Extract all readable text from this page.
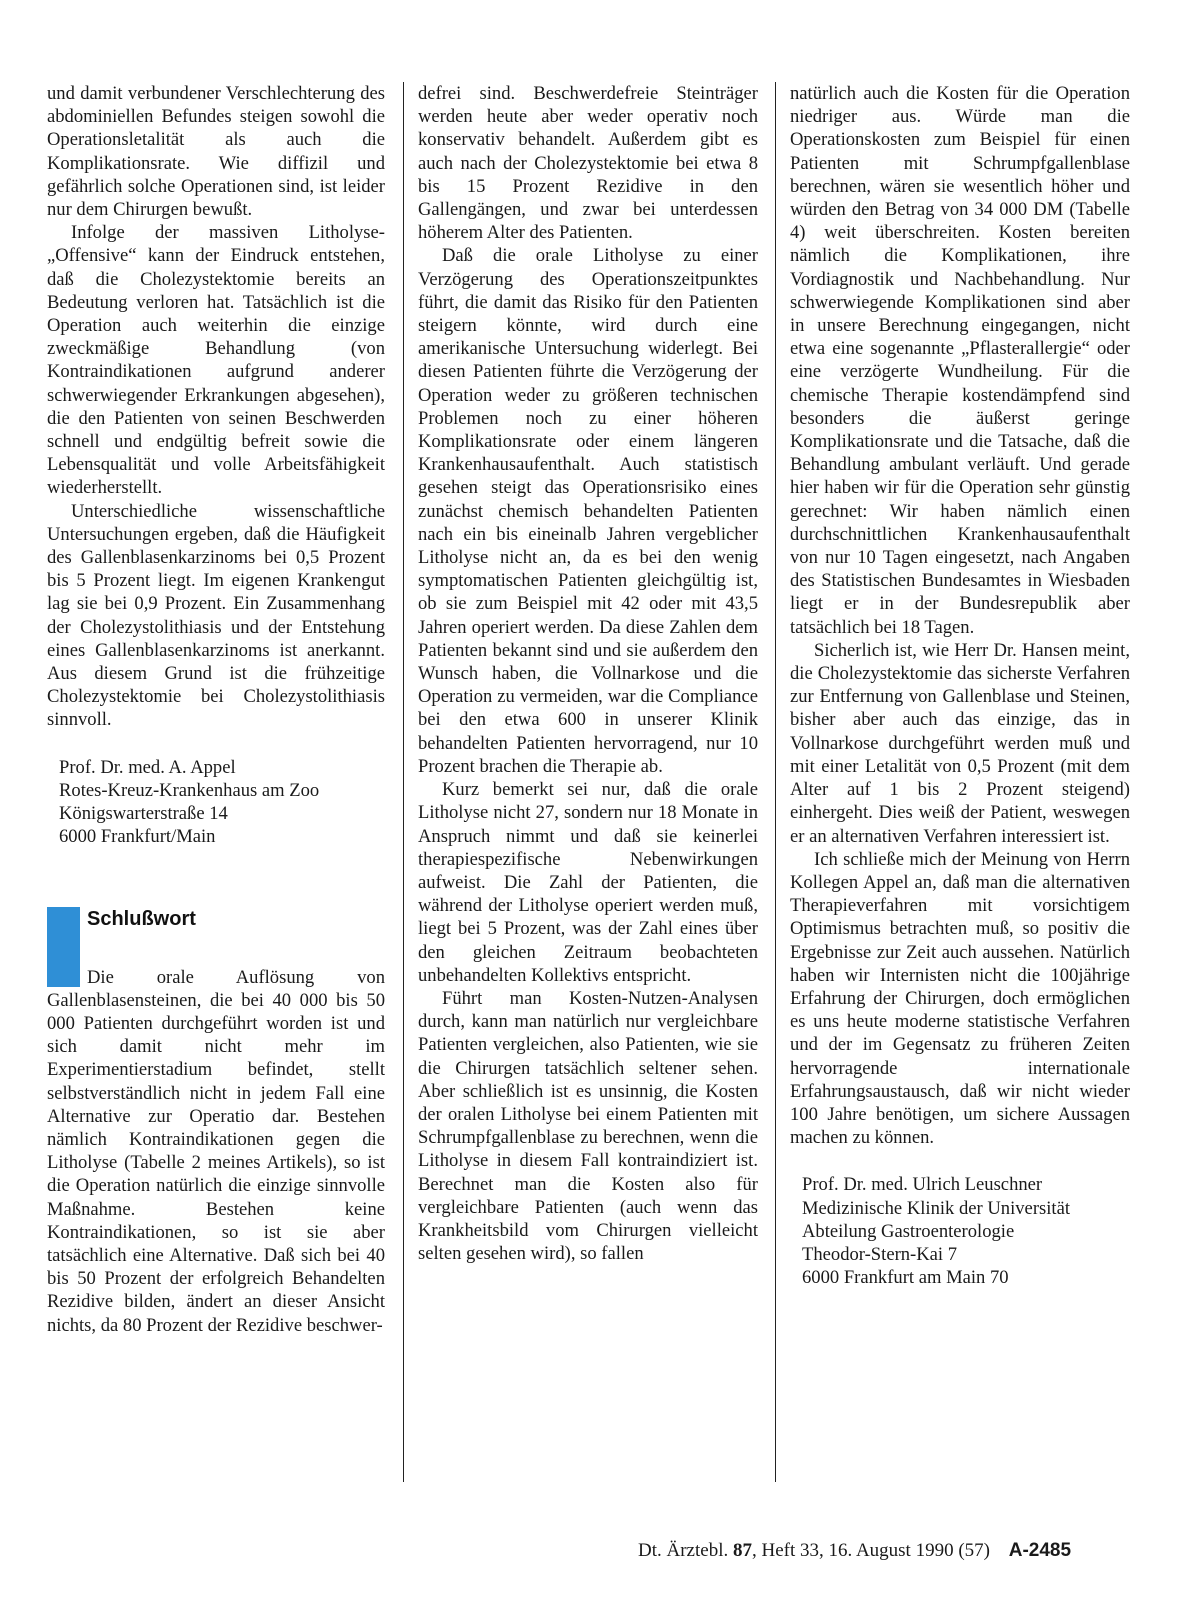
und damit verbundener Verschlechterung des abdominiellen Befundes steigen sowohl die Operationsletalität als auch die Komplikationsrate. Wie diffizil und gefährlich solche Operationen sind, ist leider nur dem Chirurgen bewußt.

Infolge der massiven Litholyse-„Offensive“ kann der Eindruck entstehen, daß die Cholezystektomie bereits an Bedeutung verloren hat. Tatsächlich ist die Operation auch weiterhin die einzige zweckmäßige Behandlung (von Kontraindikationen aufgrund anderer schwerwiegender Erkrankungen abgesehen), die den Patienten von seinen Beschwerden schnell und endgültig befreit sowie die Lebensqualität und volle Arbeitsfähigkeit wiederherstellt.

Unterschiedliche wissenschaftliche Untersuchungen ergeben, daß die Häufigkeit des Gallenblasenkarzinoms bei 0,5 Prozent bis 5 Prozent liegt. Im eigenen Krankengut lag sie bei 0,9 Prozent. Ein Zusammenhang der Cholezystolithiasis und der Entstehung eines Gallenblasenkarzinoms ist anerkannt. Aus diesem Grund ist die frühzeitige Cholezystektomie bei Cholezystolithiasis sinnvoll.

Prof. Dr. med. A. Appel
Rotes-Kreuz-Krankenhaus am Zoo
Königswarterstraße 14
6000 Frankfurt/Main
Schlußwort

Die orale Auflösung von Gallenblasensteinen, die bei 40 000 bis 50 000 Patienten durchgeführt worden ist und sich damit nicht mehr im Experimentierstadium befindet, stellt selbstverständlich nicht in jedem Fall eine Alternative zur Operatio dar. Bestehen nämlich Kontraindikationen gegen die Litholyse (Tabelle 2 meines Artikels), so ist die Operation natürlich die einzige sinnvolle Maßnahme. Bestehen keine Kontraindikationen, so ist sie aber tatsächlich eine Alternative. Daß sich bei 40 bis 50 Prozent der erfolgreich Behandelten Rezidive bilden, ändert an dieser Ansicht nichts, da 80 Prozent der Rezidive beschwer-

defrei sind. Beschwerdefreie Steinträger werden heute aber weder operativ noch konservativ behandelt. Außerdem gibt es auch nach der Cholezystektomie bei etwa 8 bis 15 Prozent Rezidive in den Gallengängen, und zwar bei unterdessen höherem Alter des Patienten.

Daß die orale Litholyse zu einer Verzögerung des Operationszeitpunktes führt, die damit das Risiko für den Patienten steigern könnte, wird durch eine amerikanische Untersuchung widerlegt. Bei diesen Patienten führte die Verzögerung der Operation weder zu größeren technischen Problemen noch zu einer höheren Komplikationsrate oder einem längeren Krankenhausaufenthalt. Auch statistisch gesehen steigt das Operationsrisiko eines zunächst chemisch behandelten Patienten nach ein bis eineinalb Jahren vergeblicher Litholyse nicht an, da es bei den wenig symptomatischen Patienten gleichgültig ist, ob sie zum Beispiel mit 42 oder mit 43,5 Jahren operiert werden. Da diese Zahlen dem Patienten bekannt sind und sie außerdem den Wunsch haben, die Vollnarkose und die Operation zu vermeiden, war die Compliance bei den etwa 600 in unserer Klinik behandelten Patienten hervorragend, nur 10 Prozent brachen die Therapie ab.

Kurz bemerkt sei nur, daß die orale Litholyse nicht 27, sondern nur 18 Monate in Anspruch nimmt und daß sie keinerlei therapiespezifische Nebenwirkungen aufweist. Die Zahl der Patienten, die während der Litholyse operiert werden muß, liegt bei 5 Prozent, was der Zahl eines über den gleichen Zeitraum beobachteten unbehandelten Kollektivs entspricht.

Führt man Kosten-Nutzen-Analysen durch, kann man natürlich nur vergleichbare Patienten vergleichen, also Patienten, wie sie die Chirurgen tatsächlich seltener sehen. Aber schließlich ist es unsinnig, die Kosten der oralen Litholyse bei einem Patienten mit Schrumpfgallenblase zu berechnen, wenn die Litholyse in diesem Fall kontraindiziert ist. Berechnet man die Kosten also für vergleichbare Patienten (auch wenn das Krankheitsbild vom Chirurgen vielleicht selten gesehen wird), so fallen

natürlich auch die Kosten für die Operation niedriger aus. Würde man die Operationskosten zum Beispiel für einen Patienten mit Schrumpfgallenblase berechnen, wären sie wesentlich höher und würden den Betrag von 34 000 DM (Tabelle 4) weit überschreiten. Kosten bereiten nämlich die Komplikationen, ihre Vordiagnostik und Nachbehandlung. Nur schwerwiegende Komplikationen sind aber in unsere Berechnung eingegangen, nicht etwa eine sogenannte „Pflasterallergie“ oder eine verzögerte Wundheilung. Für die chemische Therapie kostendämpfend sind besonders die äußerst geringe Komplikationsrate und die Tatsache, daß die Behandlung ambulant verläuft. Und gerade hier haben wir für die Operation sehr günstig gerechnet: Wir haben nämlich einen durchschnittlichen Krankenhausaufenthalt von nur 10 Tagen eingesetzt, nach Angaben des Statistischen Bundesamtes in Wiesbaden liegt er in der Bundesrepublik aber tatsächlich bei 18 Tagen.

Sicherlich ist, wie Herr Dr. Hansen meint, die Cholezystektomie das sicherste Verfahren zur Entfernung von Gallenblase und Steinen, bisher aber auch das einzige, das in Vollnarkose durchgeführt werden muß und mit einer Letalität von 0,5 Prozent (mit dem Alter auf 1 bis 2 Prozent steigend) einhergeht. Dies weiß der Patient, weswegen er an alternativen Verfahren interessiert ist.

Ich schließe mich der Meinung von Herrn Kollegen Appel an, daß man die alternativen Therapieverfahren mit vorsichtigem Optimismus betrachten muß, so positiv die Ergebnisse zur Zeit auch aussehen. Natürlich haben wir Internisten nicht die 100jährige Erfahrung der Chirurgen, doch ermöglichen es uns heute moderne statistische Verfahren und der im Gegensatz zu früheren Zeiten hervorragende internationale Erfahrungsaustausch, daß wir nicht wieder 100 Jahre benötigen, um sichere Aussagen machen zu können.

Prof. Dr. med. Ulrich Leuschner
Medizinische Klinik der Universität
Abteilung Gastroenterologie
Theodor-Stern-Kai 7
6000 Frankfurt am Main 70
Dt. Ärztebl. 87, Heft 33, 16. August 1990 (57) A-2485
